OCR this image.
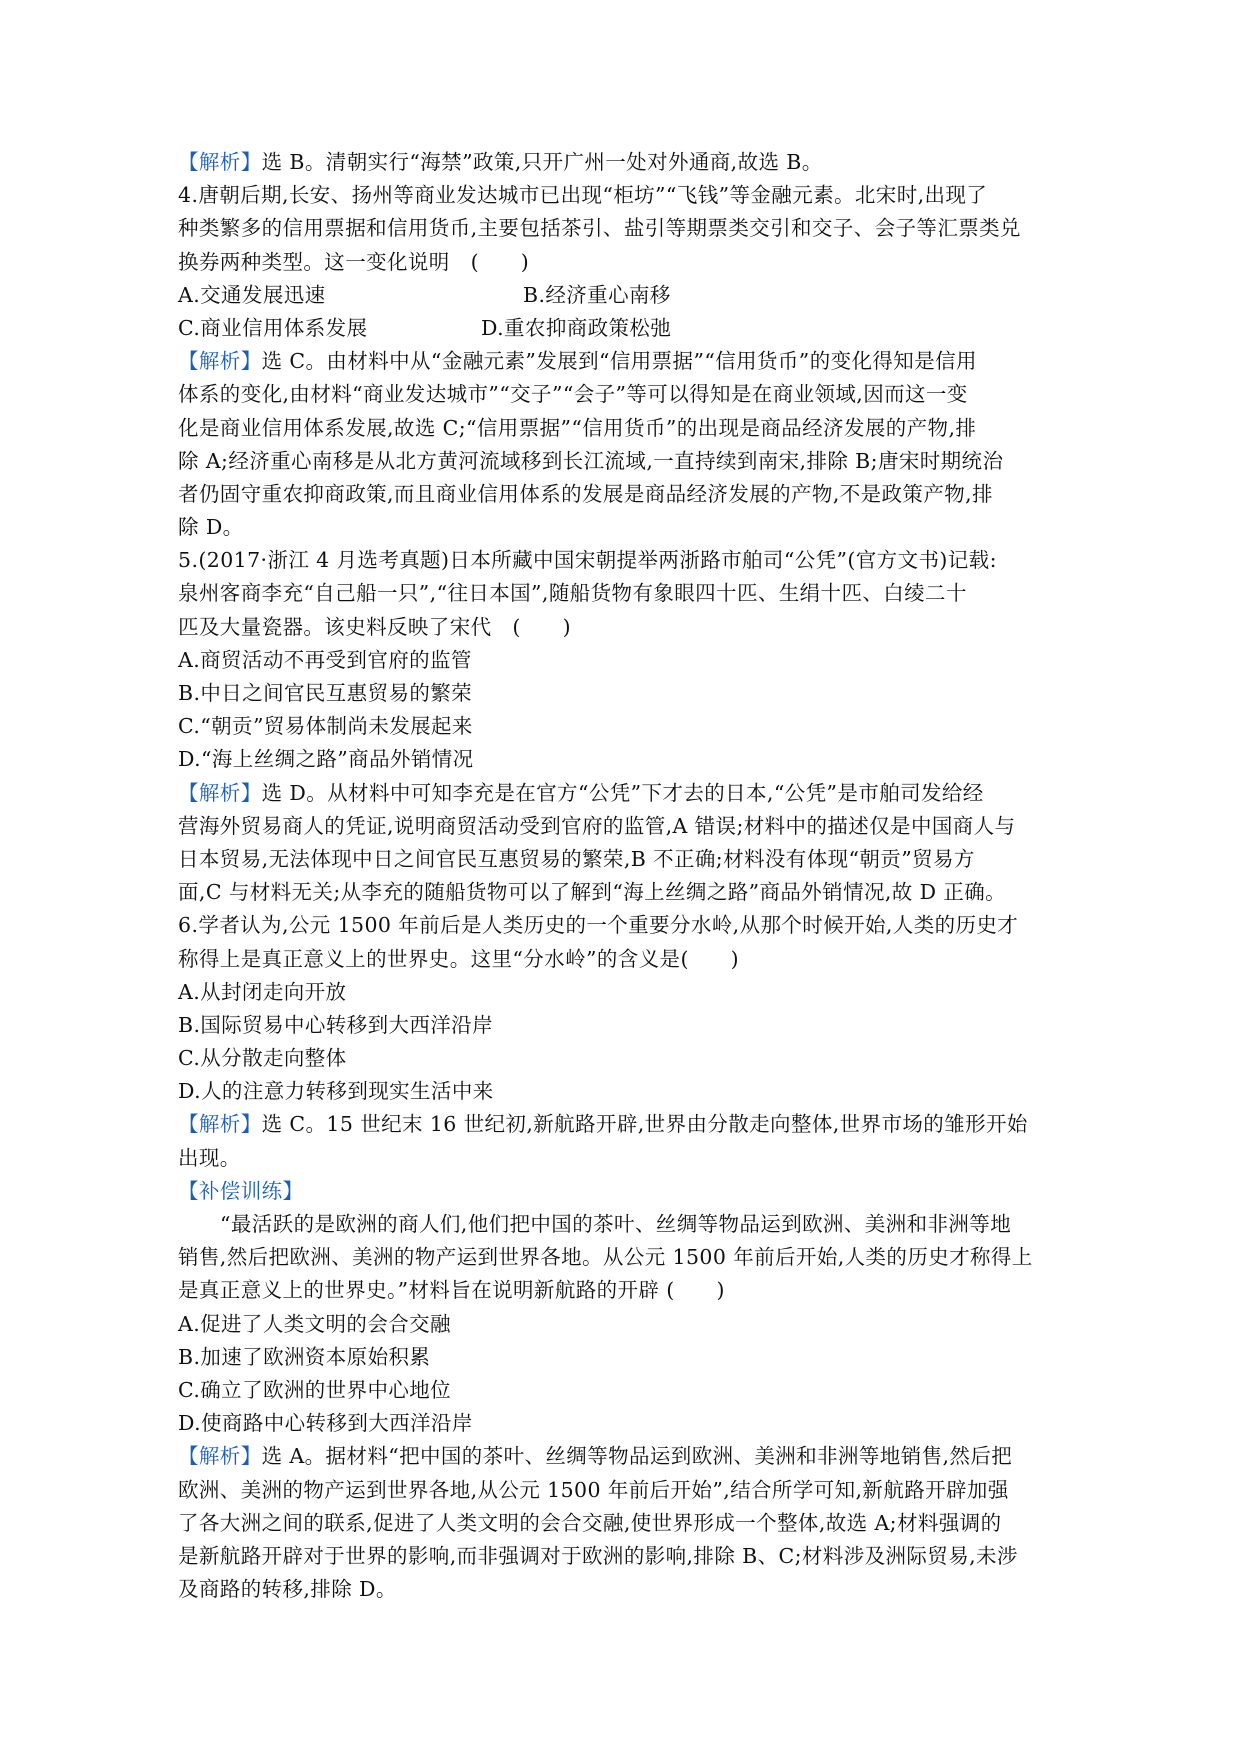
【解析】选 B。清朝实行“海禁”政策,只开广州一处对外通商,故选 B。
4.唐朝后期,长安、扬州等商业发达城市已出现“柜坊”“飞钱”等金融元素。北宋时,出现了
种类繁多的信用票据和信用货币,主要包括茶引、盐引等期票类交引和交子、会子等汇票类兑
换券两种类型。这一变化说明　(　　)
A.交通发展迅速	B.经济重心南移
C.商业信用体系发展	D.重农抑商政策松弛
【解析】选 C。由材料中从“金融元素”发展到“信用票据”“信用货币”的变化得知是信用
体系的变化,由材料“商业发达城市”“交子”“会子”等可以得知是在商业领域,因而这一变
化是商业信用体系发展,故选 C;“信用票据”“信用货币”的出现是商品经济发展的产物,排
除 A;经济重心南移是从北方黄河流域移到长江流域,一直持续到南宋,排除 B;唐宋时期统治
者仍固守重农抑商政策,而且商业信用体系的发展是商品经济发展的产物,不是政策产物,排
除 D。
5.(2017·浙江 4 月选考真题)日本所藏中国宋朝提举两浙路市舶司“公凭”(官方文书)记载:
泉州客商李充“自己船一只”,“往日本国”,随船货物有象眼四十匹、生绢十匹、白绫二十
匹及大量瓷器。该史料反映了宋代　(　　)
A.商贸活动不再受到官府的监管
B.中日之间官民互惠贸易的繁荣
C.“朝贡”贸易体制尚未发展起来
D.“海上丝绸之路”商品外销情况
【解析】选 D。从材料中可知李充是在官方“公凭”下才去的日本,“公凭”是市舶司发给经
营海外贸易商人的凭证,说明商贸活动受到官府的监管,A 错误;材料中的描述仅是中国商人与
日本贸易,无法体现中日之间官民互惠贸易的繁荣,B 不正确;材料没有体现“朝贡”贸易方
面,C 与材料无关;从李充的随船货物可以了解到“海上丝绸之路”商品外销情况,故 D 正确。
6.学者认为,公元 1500 年前后是人类历史的一个重要分水岭,从那个时候开始,人类的历史才
称得上是真正意义上的世界史。这里“分水岭”的含义是(　　)
A.从封闭走向开放
B.国际贸易中心转移到大西洋沿岸
C.从分散走向整体
D.人的注意力转移到现实生活中来
【解析】选 C。15 世纪末 16 世纪初,新航路开辟,世界由分散走向整体,世界市场的雏形开始
出现。
【补偿训练】
“最活跃的是欧洲的商人们,他们把中国的茶叶、丝绸等物品运到欧洲、美洲和非洲等地
销售,然后把欧洲、美洲的物产运到世界各地。从公元 1500 年前后开始,人类的历史才称得上
是真正意义上的世界史。”材料旨在说明新航路的开辟 (　　)
A.促进了人类文明的会合交融
B.加速了欧洲资本原始积累
C.确立了欧洲的世界中心地位
D.使商路中心转移到大西洋沿岸
【解析】选 A。据材料“把中国的茶叶、丝绸等物品运到欧洲、美洲和非洲等地销售,然后把
欧洲、美洲的物产运到世界各地,从公元 1500 年前后开始”,结合所学可知,新航路开辟加强
了各大洲之间的联系,促进了人类文明的会合交融,使世界形成一个整体,故选 A;材料强调的
是新航路开辟对于世界的影响,而非强调对于欧洲的影响,排除 B、C;材料涉及洲际贸易,未涉
及商路的转移,排除 D。
